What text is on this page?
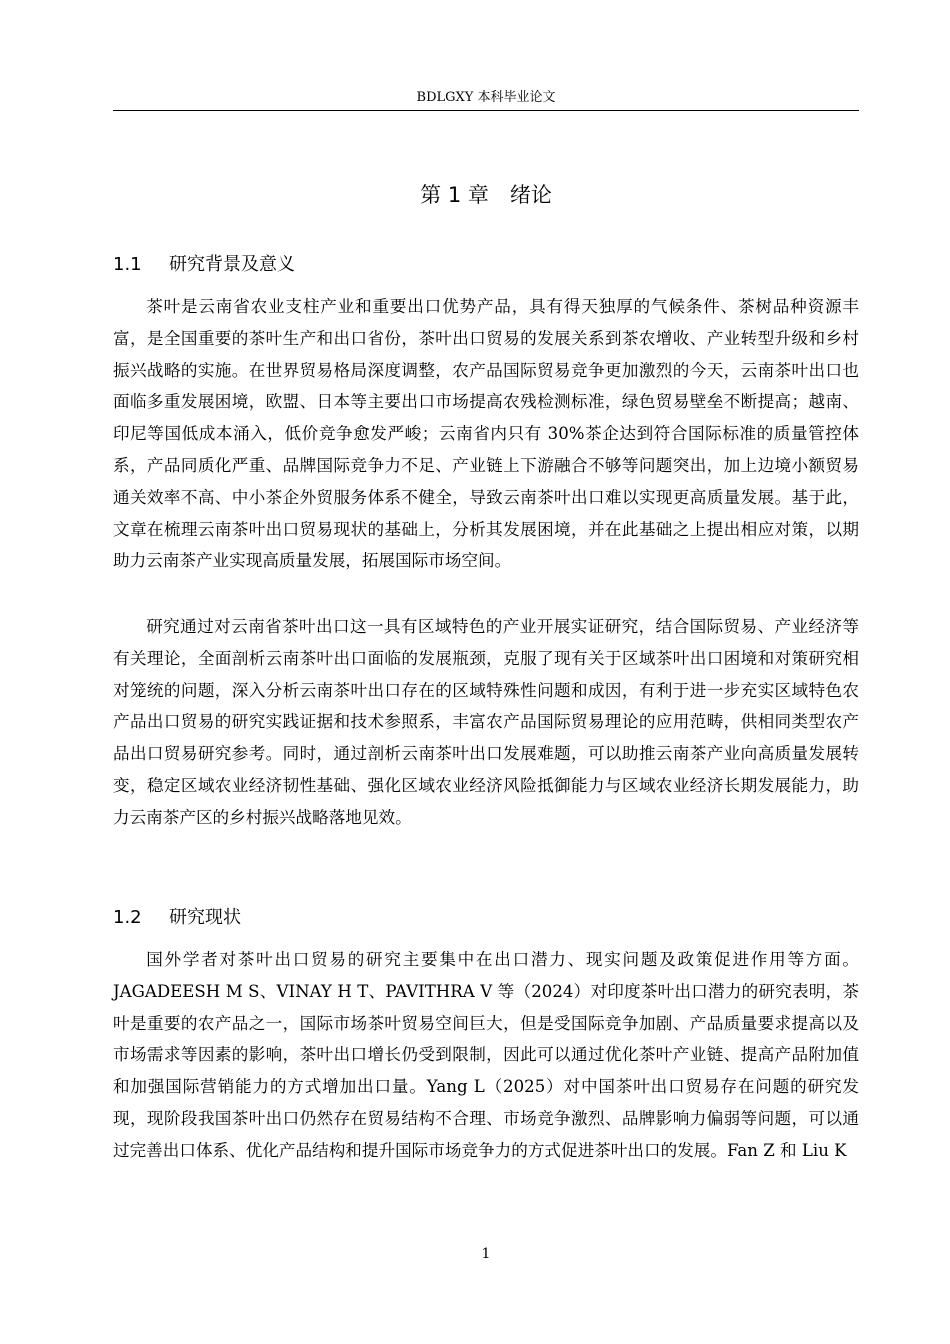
BDLGXY 本科毕业论文
第 1 章　绪论
1.1 研究背景及意义

茶叶是云南省农业支柱产业和重要出口优势产品，具有得天独厚的气候条件、茶树品种资源丰富，是全国重要的茶叶生产和出口省份，茶叶出口贸易的发展关系到茶农增收、产业转型升级和乡村振兴战略的实施。在世界贸易格局深度调整，农产品国际贸易竞争更加激烈的今天，云南茶叶出口也面临多重发展困境，欧盟、日本等主要出口市场提高农残检测标准，绿色贸易壁垒不断提高；越南、印尼等国低成本涌入，低价竞争愈发严峻；云南省内只有 30%茶企达到符合国际标准的质量管控体系，产品同质化严重、品牌国际竞争力不足、产业链上下游融合不够等问题突出，加上边境小额贸易通关效率不高、中小茶企外贸服务体系不健全，导致云南茶叶出口难以实现更高质量发展。基于此，文章在梳理云南茶叶出口贸易现状的基础上，分析其发展困境，并在此基础之上提出相应对策，以期助力云南茶产业实现高质量发展，拓展国际市场空间。

研究通过对云南省茶叶出口这一具有区域特色的产业开展实证研究，结合国际贸易、产业经济等有关理论，全面剖析云南茶叶出口面临的发展瓶颈，克服了现有关于区域茶叶出口困境和对策研究相对笼统的问题，深入分析云南茶叶出口存在的区域特殊性问题和成因，有利于进一步充实区域特色农产品出口贸易的研究实践证据和技术参照系，丰富农产品国际贸易理论的应用范畴，供相同类型农产品出口贸易研究参考。同时，通过剖析云南茶叶出口发展难题，可以助推云南茶产业向高质量发展转变，稳定区域农业经济韧性基础、强化区域农业经济风险抵御能力与区域农业经济长期发展能力，助力云南茶产区的乡村振兴战略落地见效。

1.2 研究现状

国外学者对茶叶出口贸易的研究主要集中在出口潜力、现实问题及政策促进作用等方面。JAGADEESH M S、VINAY H T、PAVITHRA V 等（2024）对印度茶叶出口潜力的研究表明，茶叶是重要的农产品之一，国际市场茶叶贸易空间巨大，但是受国际竞争加剧、产品质量要求提高以及市场需求等因素的影响，茶叶出口增长仍受到限制，因此可以通过优化茶叶产业链、提高产品附加值和加强国际营销能力的方式增加出口量。Yang L（2025）对中国茶叶出口贸易存在问题的研究发现，现阶段我国茶叶出口仍然存在贸易结构不合理、市场竞争激烈、品牌影响力偏弱等问题，可以通过完善出口体系、优化产品结构和提升国际市场竞争力的方式促进茶叶出口的发展。Fan Z 和 Liu K

1
